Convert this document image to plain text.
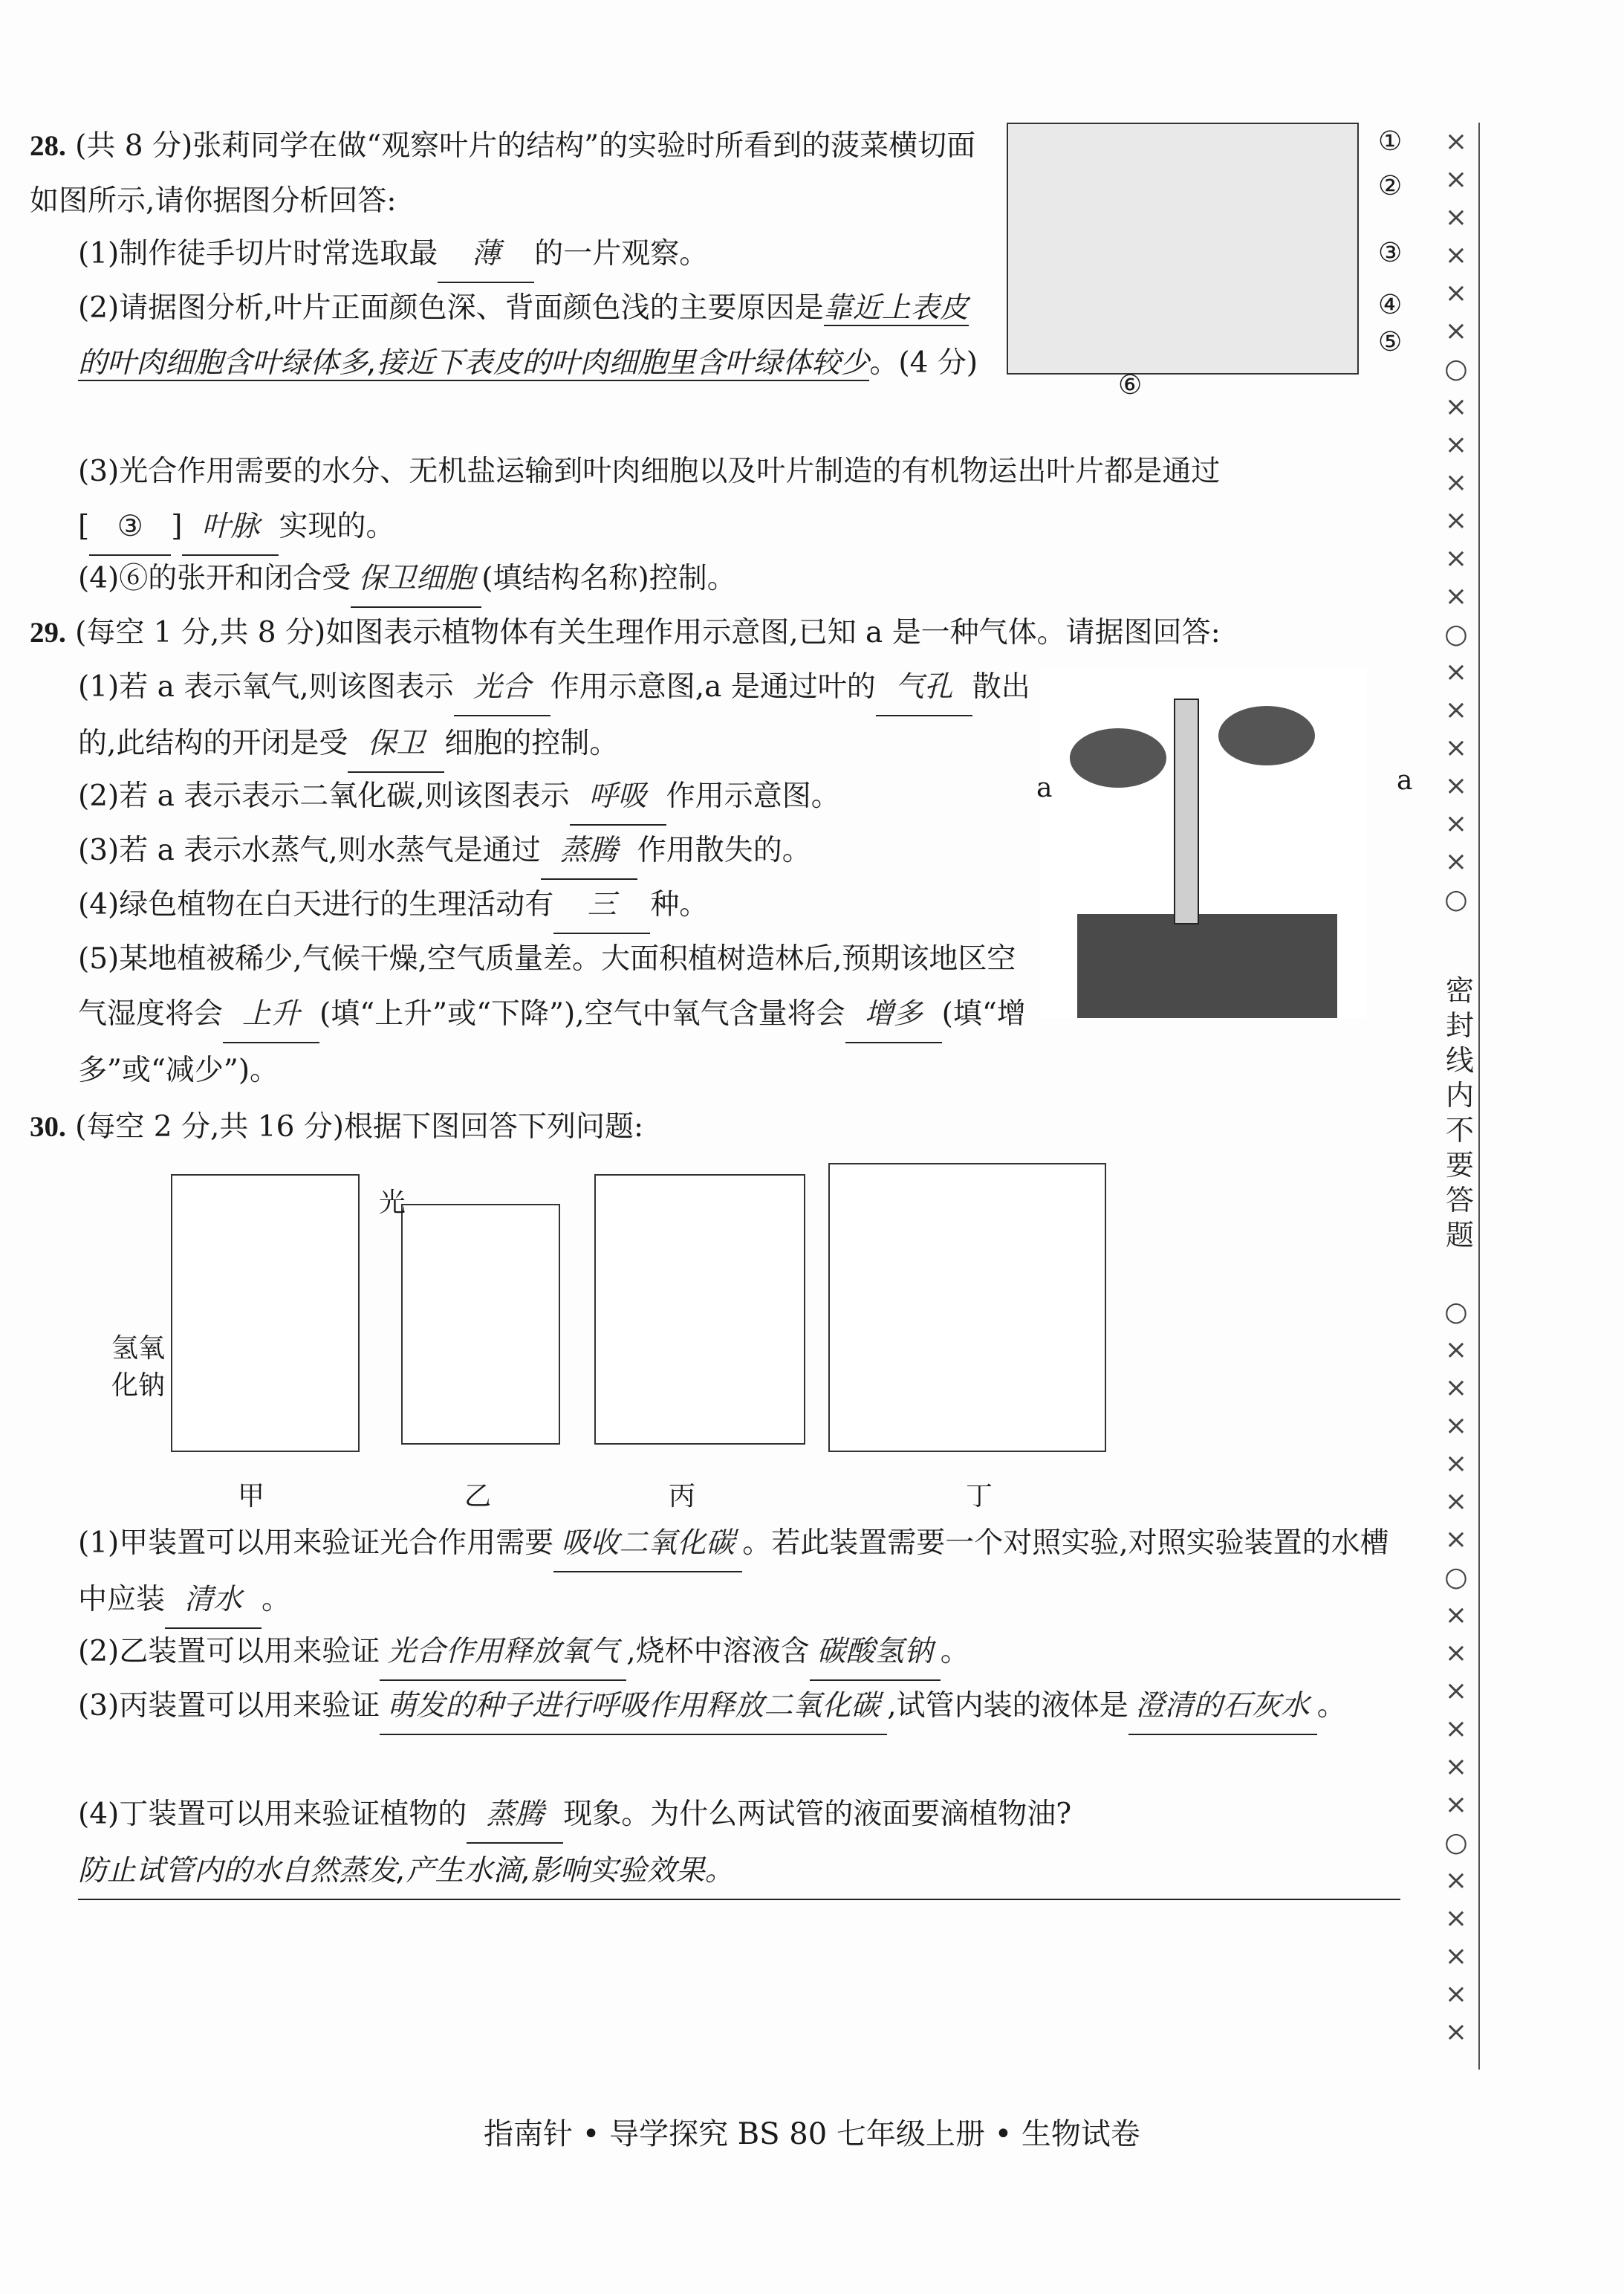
28. (共 8 分)张莉同学在做“观察叶片的结构”的实验时所看到的菠菜横切面如图所示,请你据图分析回答:
(1)制作徒手切片时常选取最 薄 的一片观察。
(2)请据图分析,叶片正面颜色深、背面颜色浅的主要原因是靠近上表皮的叶肉细胞含叶绿体多,接近下表皮的叶肉细胞里含叶绿体较少。(4 分)
(3)光合作用需要的水分、无机盐运输到叶肉细胞以及叶片制造的有机物运出叶片都是通过
[ ③ ] 叶脉 实现的。
(4)⑥的张开和闭合受 保卫细胞 (填结构名称)控制。
①
②
③
④
⑤
⑥
29. (每空 1 分,共 8 分)如图表示植物体有关生理作用示意图,已知 a 是一种气体。请据图回答:
(1)若 a 表示氧气,则该图表示 光合 作用示意图,a 是通过叶的 气孔 散出的,此结构的开闭是受 保卫 细胞的控制。
(2)若 a 表示表示二氧化碳,则该图表示 呼吸 作用示意图。
(3)若 a 表示水蒸气,则水蒸气是通过 蒸腾 作用散失的。
(4)绿色植物在白天进行的生理活动有 三 种。
(5)某地植被稀少,气候干燥,空气质量差。大面积植树造林后,预期该地区空气湿度将会 上升 (填“上升”或“下降”),空气中氧气含量将会 增多 (填“增多”或“减少”)。
a	a
30. (每空 2 分,共 16 分)根据下图回答下列问题:
氢氧化钠
光
甲	乙	丙	丁
(1)甲装置可以用来验证光合作用需要 吸收二氧化碳 。若此装置需要一个对照实验,对照实验装置的水槽中应装 清水 。
(2)乙装置可以用来验证 光合作用释放氧气 ,烧杯中溶液含 碳酸氢钠 。
(3)丙装置可以用来验证 萌发的种子进行呼吸作用释放二氧化碳 ,试管内装的液体是 澄清的石灰水 。
(4)丁装置可以用来验证植物的 蒸腾 现象。为什么两试管的液面要滴植物油?
防止试管内的水自然蒸发,产生水滴,影响实验效果。
××××××○××××××○××××××○
密封线内不要答题
○××××××○××××××○×××××
指南针 • 导学探究 BS 80 七年级上册 • 生物试卷
